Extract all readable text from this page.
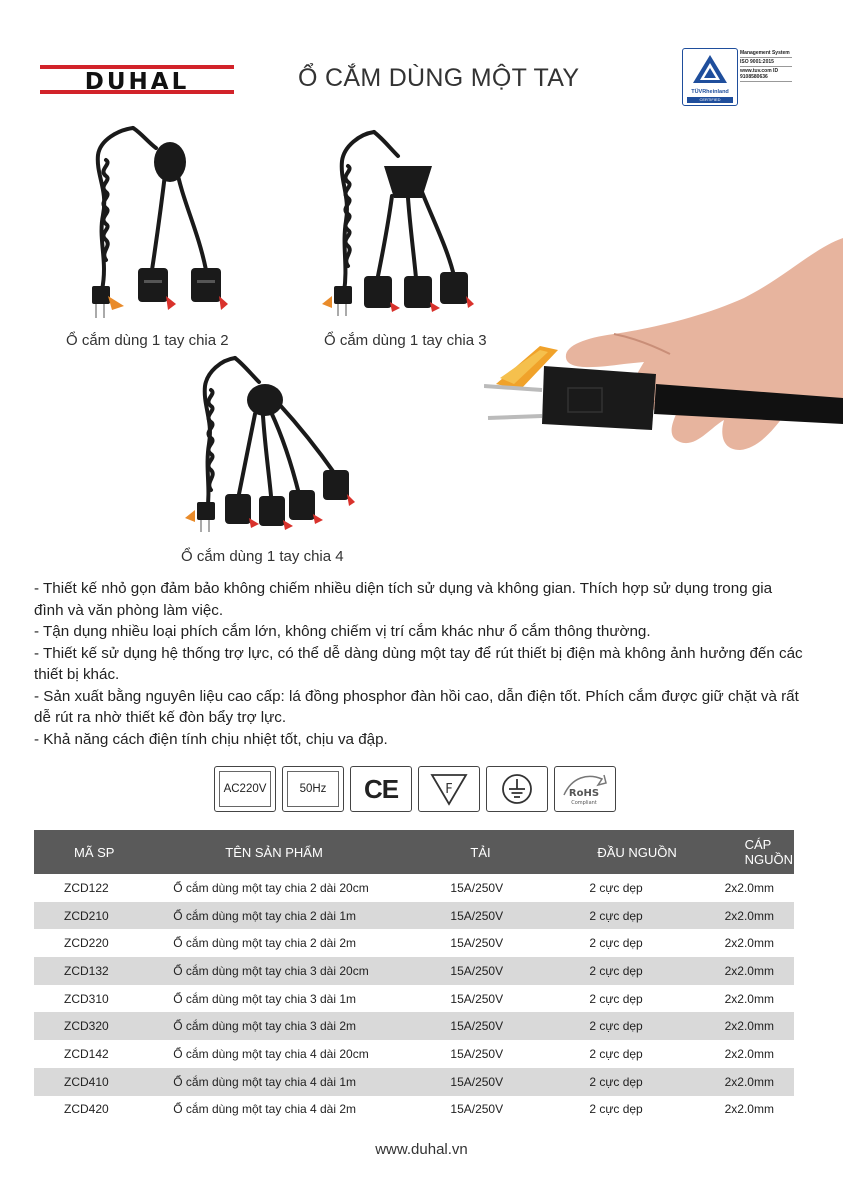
DUHAL	Ổ CẮM DÙNG MỘT TAY	TÜVRheinland
CERTIFIED
Management System
ISO 9001:2015
www.tuv.com ID 9108580636
Ổ cắm dùng 1 tay chia 2	Ổ cắm dùng 1 tay chia 3
Ổ cắm dùng 1 tay chia 4

- Thiết kế nhỏ gọn đảm bảo không chiếm nhiều diện tích sử dụng và không gian. Thích hợp sử dụng trong gia đình và văn phòng làm việc.

- Tận dụng nhiều loại phích cắm lớn, không chiếm vị trí cắm khác như ổ cắm thông thường.

- Thiết kế sử dụng hệ thống trợ lực, có thể dễ dàng dùng một tay để rút thiết bị điện mà không ảnh hưởng đến các thiết bị khác.

- Sản xuất bằng nguyên liệu cao cấp: lá đồng phosphor đàn hồi cao, dẫn điện tốt. Phích cắm được giữ chặt và rất dễ rút ra nhờ thiết kế đòn bẩy trợ lực.

- Khả năng cách điện tính chịu nhiệt tốt, chịu va đập.

AC220V	50Hz	CE	F	RoHS
Compliant
MÃ SP	TÊN SẢN PHẨM	TẢI	ĐẦU NGUỒN	CÁP NGUỒN
ZCD122	Ổ cắm dùng một tay chia 2 dài 20cm	15A/250V	2 cực dẹp	2x2.0mm
ZCD210	Ổ cắm dùng một tay chia 2 dài 1m	15A/250V	2 cực dẹp	2x2.0mm
ZCD220	Ổ cắm dùng một tay chia 2 dài 2m	15A/250V	2 cực dẹp	2x2.0mm
ZCD132	Ổ cắm dùng một tay chia 3 dài 20cm	15A/250V	2 cực dẹp	2x2.0mm
ZCD310	Ổ cắm dùng một tay chia 3 dài 1m	15A/250V	2 cực dẹp	2x2.0mm
ZCD320	Ổ cắm dùng một tay chia 3 dài 2m	15A/250V	2 cực dẹp	2x2.0mm
ZCD142	Ổ cắm dùng một tay chia 4 dài 20cm	15A/250V	2 cực dẹp	2x2.0mm
ZCD410	Ổ cắm dùng một tay chia 4 dài 1m	15A/250V	2 cực dẹp	2x2.0mm
ZCD420	Ổ cắm dùng một tay chia 4 dài 2m	15A/250V	2 cực dẹp	2x2.0mm
www.duhal.vn
